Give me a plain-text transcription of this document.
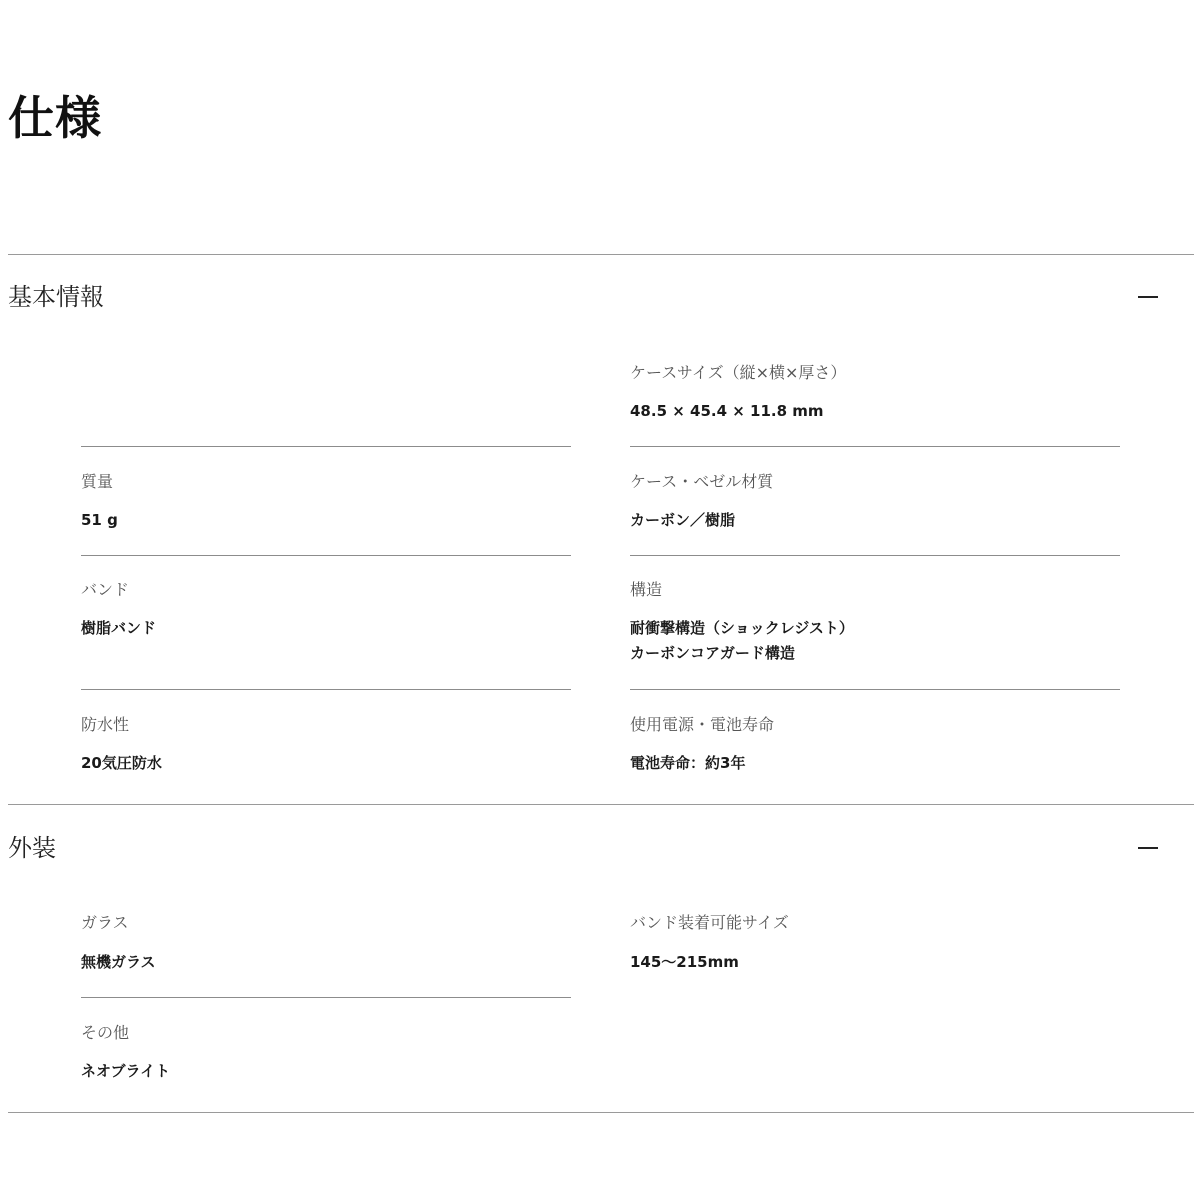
仕様
基本情報
ケースサイズ（縦×横×厚さ）
48.5 × 45.4 × 11.8 mm
質量
51 g
ケース・ベゼル材質
カーボン／樹脂
バンド
樹脂バンド
構造
耐衝撃構造（ショックレジスト）
カーボンコアガード構造
防水性
20気圧防水
使用電源・電池寿命
電池寿命：約3年
外装
ガラス
無機ガラス
バンド装着可能サイズ
145～215mm
その他
ネオブライト
